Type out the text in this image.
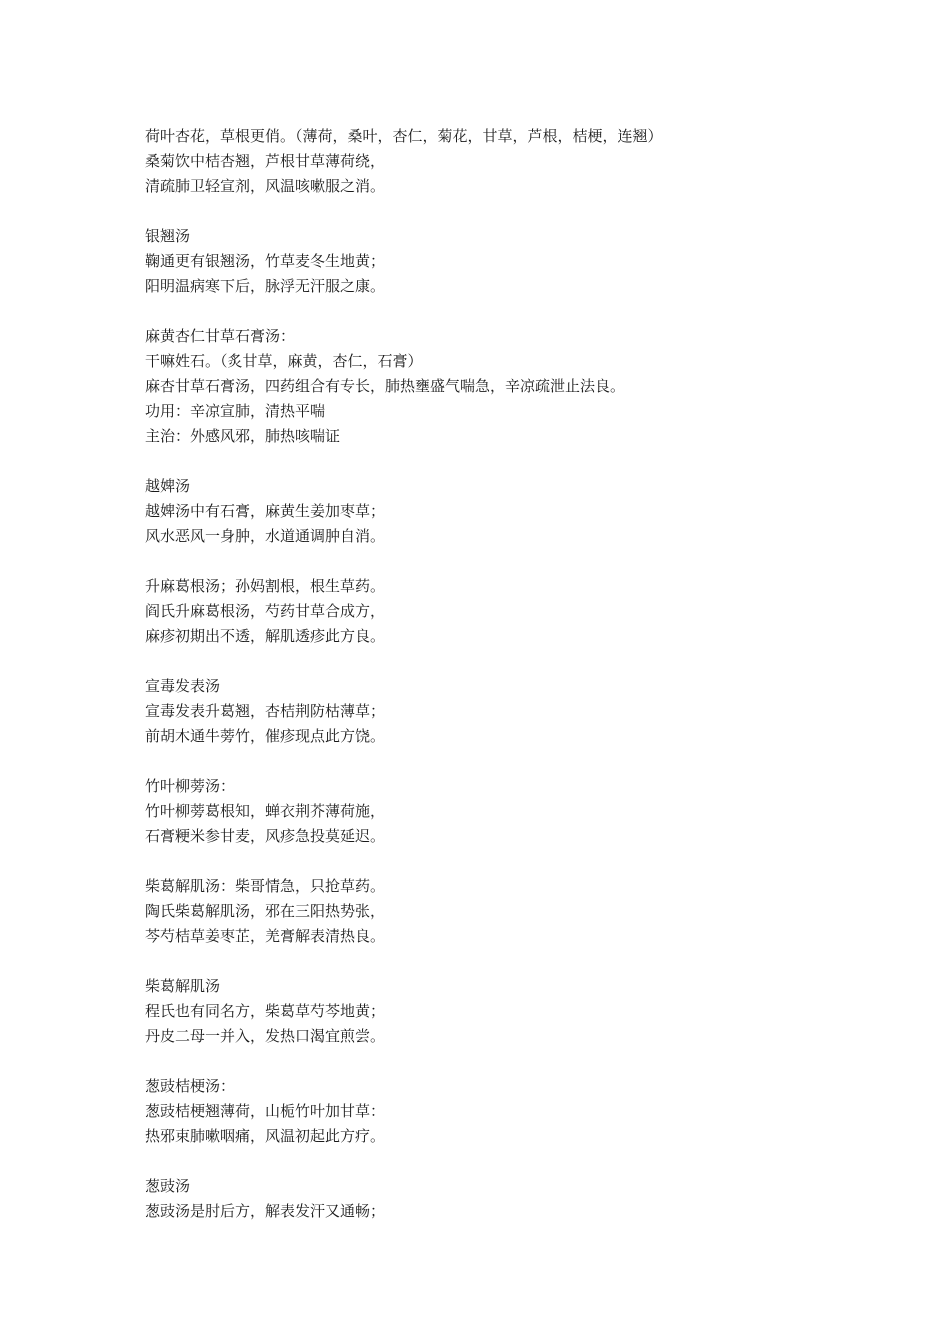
荷叶杏花，草根更俏。（薄荷，桑叶，杏仁，菊花，甘草，芦根，桔梗，连翘）
桑菊饮中桔杏翘，芦根甘草薄荷绕，
清疏肺卫轻宣剂，风温咳嗽服之消。
银翘汤
鞠通更有银翘汤，竹草麦冬生地黄；
阳明温病寒下后，脉浮无汗服之康。
麻黄杏仁甘草石膏汤：
干嘛姓石。（炙甘草，麻黄，杏仁，石膏）
麻杏甘草石膏汤，四药组合有专长，肺热壅盛气喘急，辛凉疏泄止法良。
功用：辛凉宣肺，清热平喘
主治：外感风邪，肺热咳喘证
越婢汤
越婢汤中有石膏，麻黄生姜加枣草；
风水恶风一身肿，水道通调肿自消。
升麻葛根汤；孙妈割根，根生草药。
阎氏升麻葛根汤，芍药甘草合成方，
麻疹初期出不透，解肌透疹此方良。
宣毒发表汤
宣毒发表升葛翘，杏桔荆防枯薄草；
前胡木通牛蒡竹，催疹现点此方饶。
竹叶柳蒡汤：
竹叶柳蒡葛根知，蝉衣荆芥薄荷施，
石膏粳米参甘麦，风疹急投莫延迟。
柴葛解肌汤：柴哥情急，只抢草药。
陶氏柴葛解肌汤，邪在三阳热势张，
芩芍桔草姜枣芷，羌膏解表清热良。
柴葛解肌汤
程氏也有同名方，柴葛草芍芩地黄；
丹皮二母一并入，发热口渴宜煎尝。
葱豉桔梗汤：
葱豉桔梗翘薄荷，山栀竹叶加甘草：
热邪束肺嗽咽痛，风温初起此方疗。
葱豉汤
葱豉汤是肘后方，解表发汗又通畅；
